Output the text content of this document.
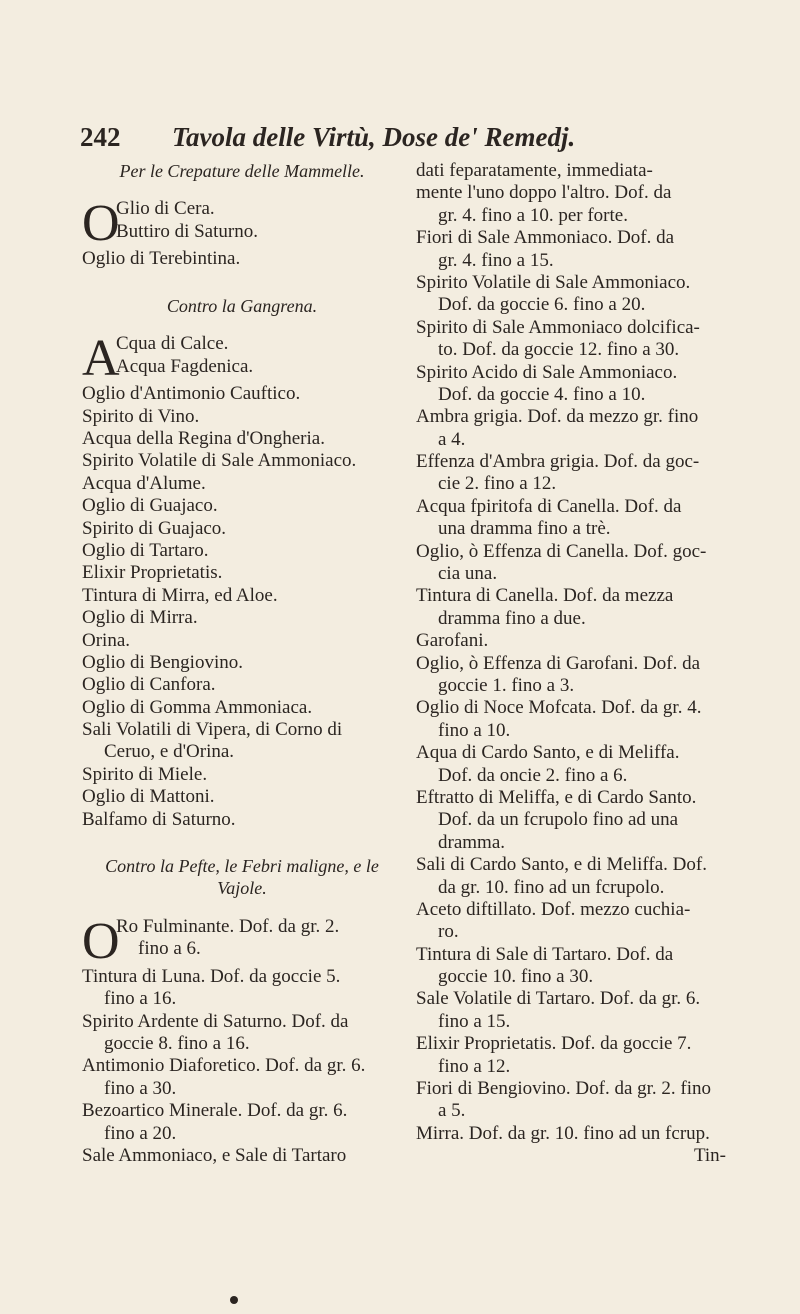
242 Tavola delle Virtù, Dose de' Remedj.
Per le Crepature delle Mammelle.
O
Glio di Cera.
Buttiro di Saturno.
Oglio di Terebintina.
Contro la Gangrena.
A
Cqua di Calce.
Acqua Fagdenica.
Oglio d'Antimonio Cauftico.
Spirito di Vino.
Acqua della Regina d'Ongheria.
Spirito Volatile di Sale Ammoniaco.
Acqua d'Alume.
Oglio di Guajaco.
Spirito di Guajaco.
Oglio di Tartaro.
Elixir Proprietatis.
Tintura di Mirra, ed Aloe.
Oglio di Mirra.
Orina.
Oglio di Bengiovino.
Oglio di Canfora.
Oglio di Gomma Ammoniaca.
Sali Volatili di Vipera, di Corno di
Ceruo, e d'Orina.
Spirito di Miele.
Oglio di Mattoni.
Balfamo di Saturno.
Contro la Pefte, le Febri maligne, e le
Vajole.
O
Ro Fulminante. Dof. da gr. 2.
fino a 6.
Tintura di Luna. Dof. da goccie 5.
fino a 16.
Spirito Ardente di Saturno. Dof. da
goccie 8. fino a 16.
Antimonio Diaforetico. Dof. da gr. 6.
fino a 30.
Bezoartico Minerale. Dof. da gr. 6.
fino a 20.
Sale Ammoniaco, e Sale di Tartaro
dati feparatamente, immediata-
mente l'uno doppo l'altro. Dof. da
gr. 4. fino a 10. per forte.
Fiori di Sale Ammoniaco. Dof. da
gr. 4. fino a 15.
Spirito Volatile di Sale Ammoniaco.
Dof. da goccie 6. fino a 20.
Spirito di Sale Ammoniaco dolcifica-
to. Dof. da goccie 12. fino a 30.
Spirito Acido di Sale Ammoniaco.
Dof. da goccie 4. fino a 10.
Ambra grigia. Dof. da mezzo gr. fino
a 4.
Effenza d'Ambra grigia. Dof. da goc-
cie 2. fino a 12.
Acqua fpiritofa di Canella. Dof. da
una dramma fino a trè.
Oglio, ò Effenza di Canella. Dof. goc-
cia una.
Tintura di Canella. Dof. da mezza
dramma fino a due.
Garofani.
Oglio, ò Effenza di Garofani. Dof. da
goccie 1. fino a 3.
Oglio di Noce Mofcata. Dof. da gr. 4.
fino a 10.
Aqua di Cardo Santo, e di Meliffa.
Dof. da oncie 2. fino a 6.
Eftratto di Meliffa, e di Cardo Santo.
Dof. da un fcrupolo fino ad una
dramma.
Sali di Cardo Santo, e di Meliffa. Dof.
da gr. 10. fino ad un fcrupolo.
Aceto diftillato. Dof. mezzo cuchia-
ro.
Tintura di Sale di Tartaro. Dof. da
goccie 10. fino a 30.
Sale Volatile di Tartaro. Dof. da gr. 6.
fino a 15.
Elixir Proprietatis. Dof. da goccie 7.
fino a 12.
Fiori di Bengiovino. Dof. da gr. 2. fino
a 5.
Mirra. Dof. da gr. 10. fino ad un fcrup.
Tin-
